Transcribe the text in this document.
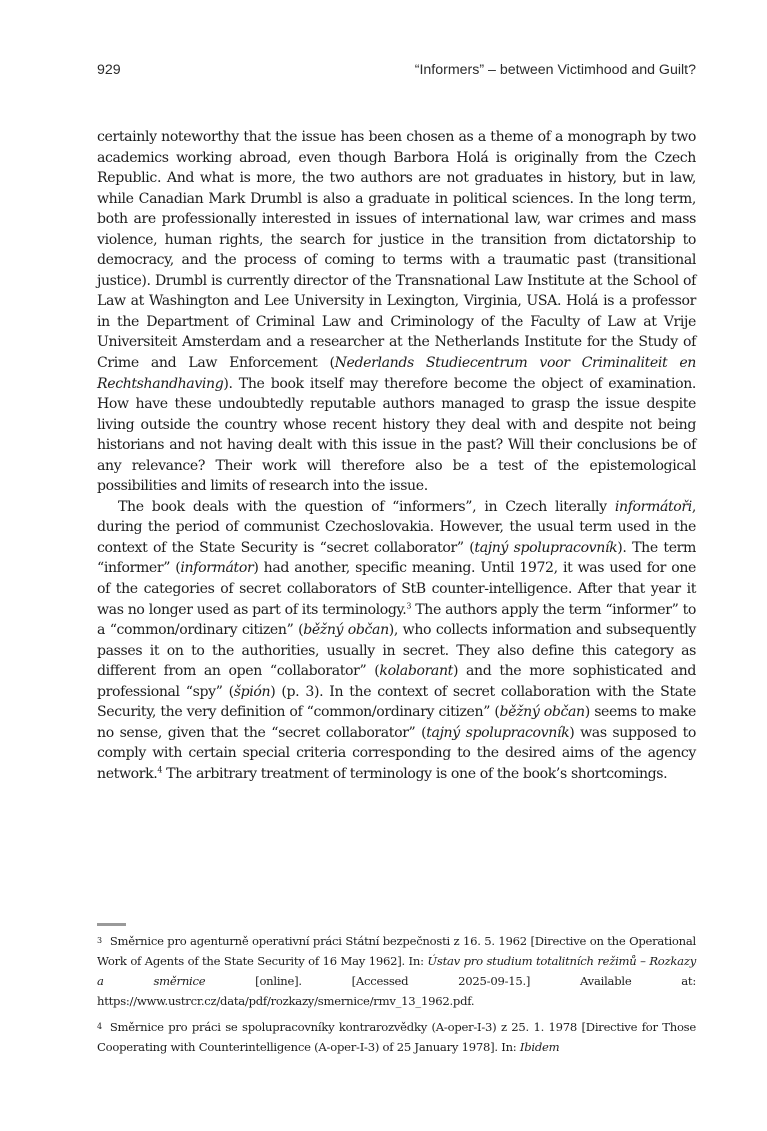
929	“Informers” – between Victimhood and Guilt?

certainly noteworthy that the issue has been chosen as a theme of a monograph by two academics working abroad, even though Barbora Holá is originally from the Czech Republic. And what is more, the two authors are not graduates in history, but in law, while Canadian Mark Drumbl is also a graduate in political sciences. In the long term, both are professionally interested in issues of international law, war crimes and mass violence, human rights, the search for justice in the transition from dictatorship to democracy, and the process of coming to terms with a traumatic past (transitional justice). Drumbl is currently director of the Transnational Law Institute at the School of Law at Washington and Lee University in Lexington, Virginia, USA. Holá is a professor in the Department of Criminal Law and Criminology of the Faculty of Law at Vrije Universiteit Amsterdam and a researcher at the Netherlands Institute for the Study of Crime and Law Enforcement (Nederlands Studiecentrum voor Criminaliteit en Rechtshandhaving). The book itself may therefore become the object of examination. How have these undoubtedly reputable authors managed to grasp the issue despite living outside the country whose recent history they deal with and despite not being historians and not having dealt with this issue in the past? Will their conclusions be of any relevance? Their work will therefore also be a test of the epistemological possibilities and limits of research into the issue.

The book deals with the question of “informers”, in Czech literally informátoři, during the period of communist Czechoslovakia. However, the usual term used in the context of the State Security is “secret collaborator” (tajný spolupracovník). The term “informer” (informátor) had another, specific meaning. Until 1972, it was used for one of the categories of secret collaborators of StB counter-intelligence. After that year it was no longer used as part of its terminology.$^3$ The authors apply the term “informer” to a “common/ordinary citizen” (běžný občan), who collects information and subsequently passes it on to the authorities, usually in secret. They also define this category as different from an open “collaborator” (kolaborant) and the more sophisticated and professional “spy” (špión) (p. 3). In the context of secret collaboration with the State Security, the very definition of “common/ordinary citizen” (běžný občan) seems to make no sense, given that the “secret collaborator” (tajný spolupracovník) was supposed to comply with certain special criteria corresponding to the desired aims of the agency network.$^4$ The arbitrary treatment of terminology is one of the book’s shortcomings.

3 Směrnice pro agenturně operativní práci Státní bezpečnosti z 16. 5. 1962 [Directive on the Operational Work of Agents of the State Security of 16 May 1962]. In: Ústav pro studium totalitních režimů – Rozkazy a směrnice [online]. [Accessed 2025-09-15.] Available at: https://www.ustrcr.cz/data/pdf/rozkazy/smernice/rmv_13_1962.pdf.

4 Směrnice pro práci se spolupracovníky kontrarozvědky (A-oper-I-3) z 25. 1. 1978 [Directive for Those Cooperating with Counterintelligence (A-oper-I-3) of 25 January 1978]. In: Ibidem
